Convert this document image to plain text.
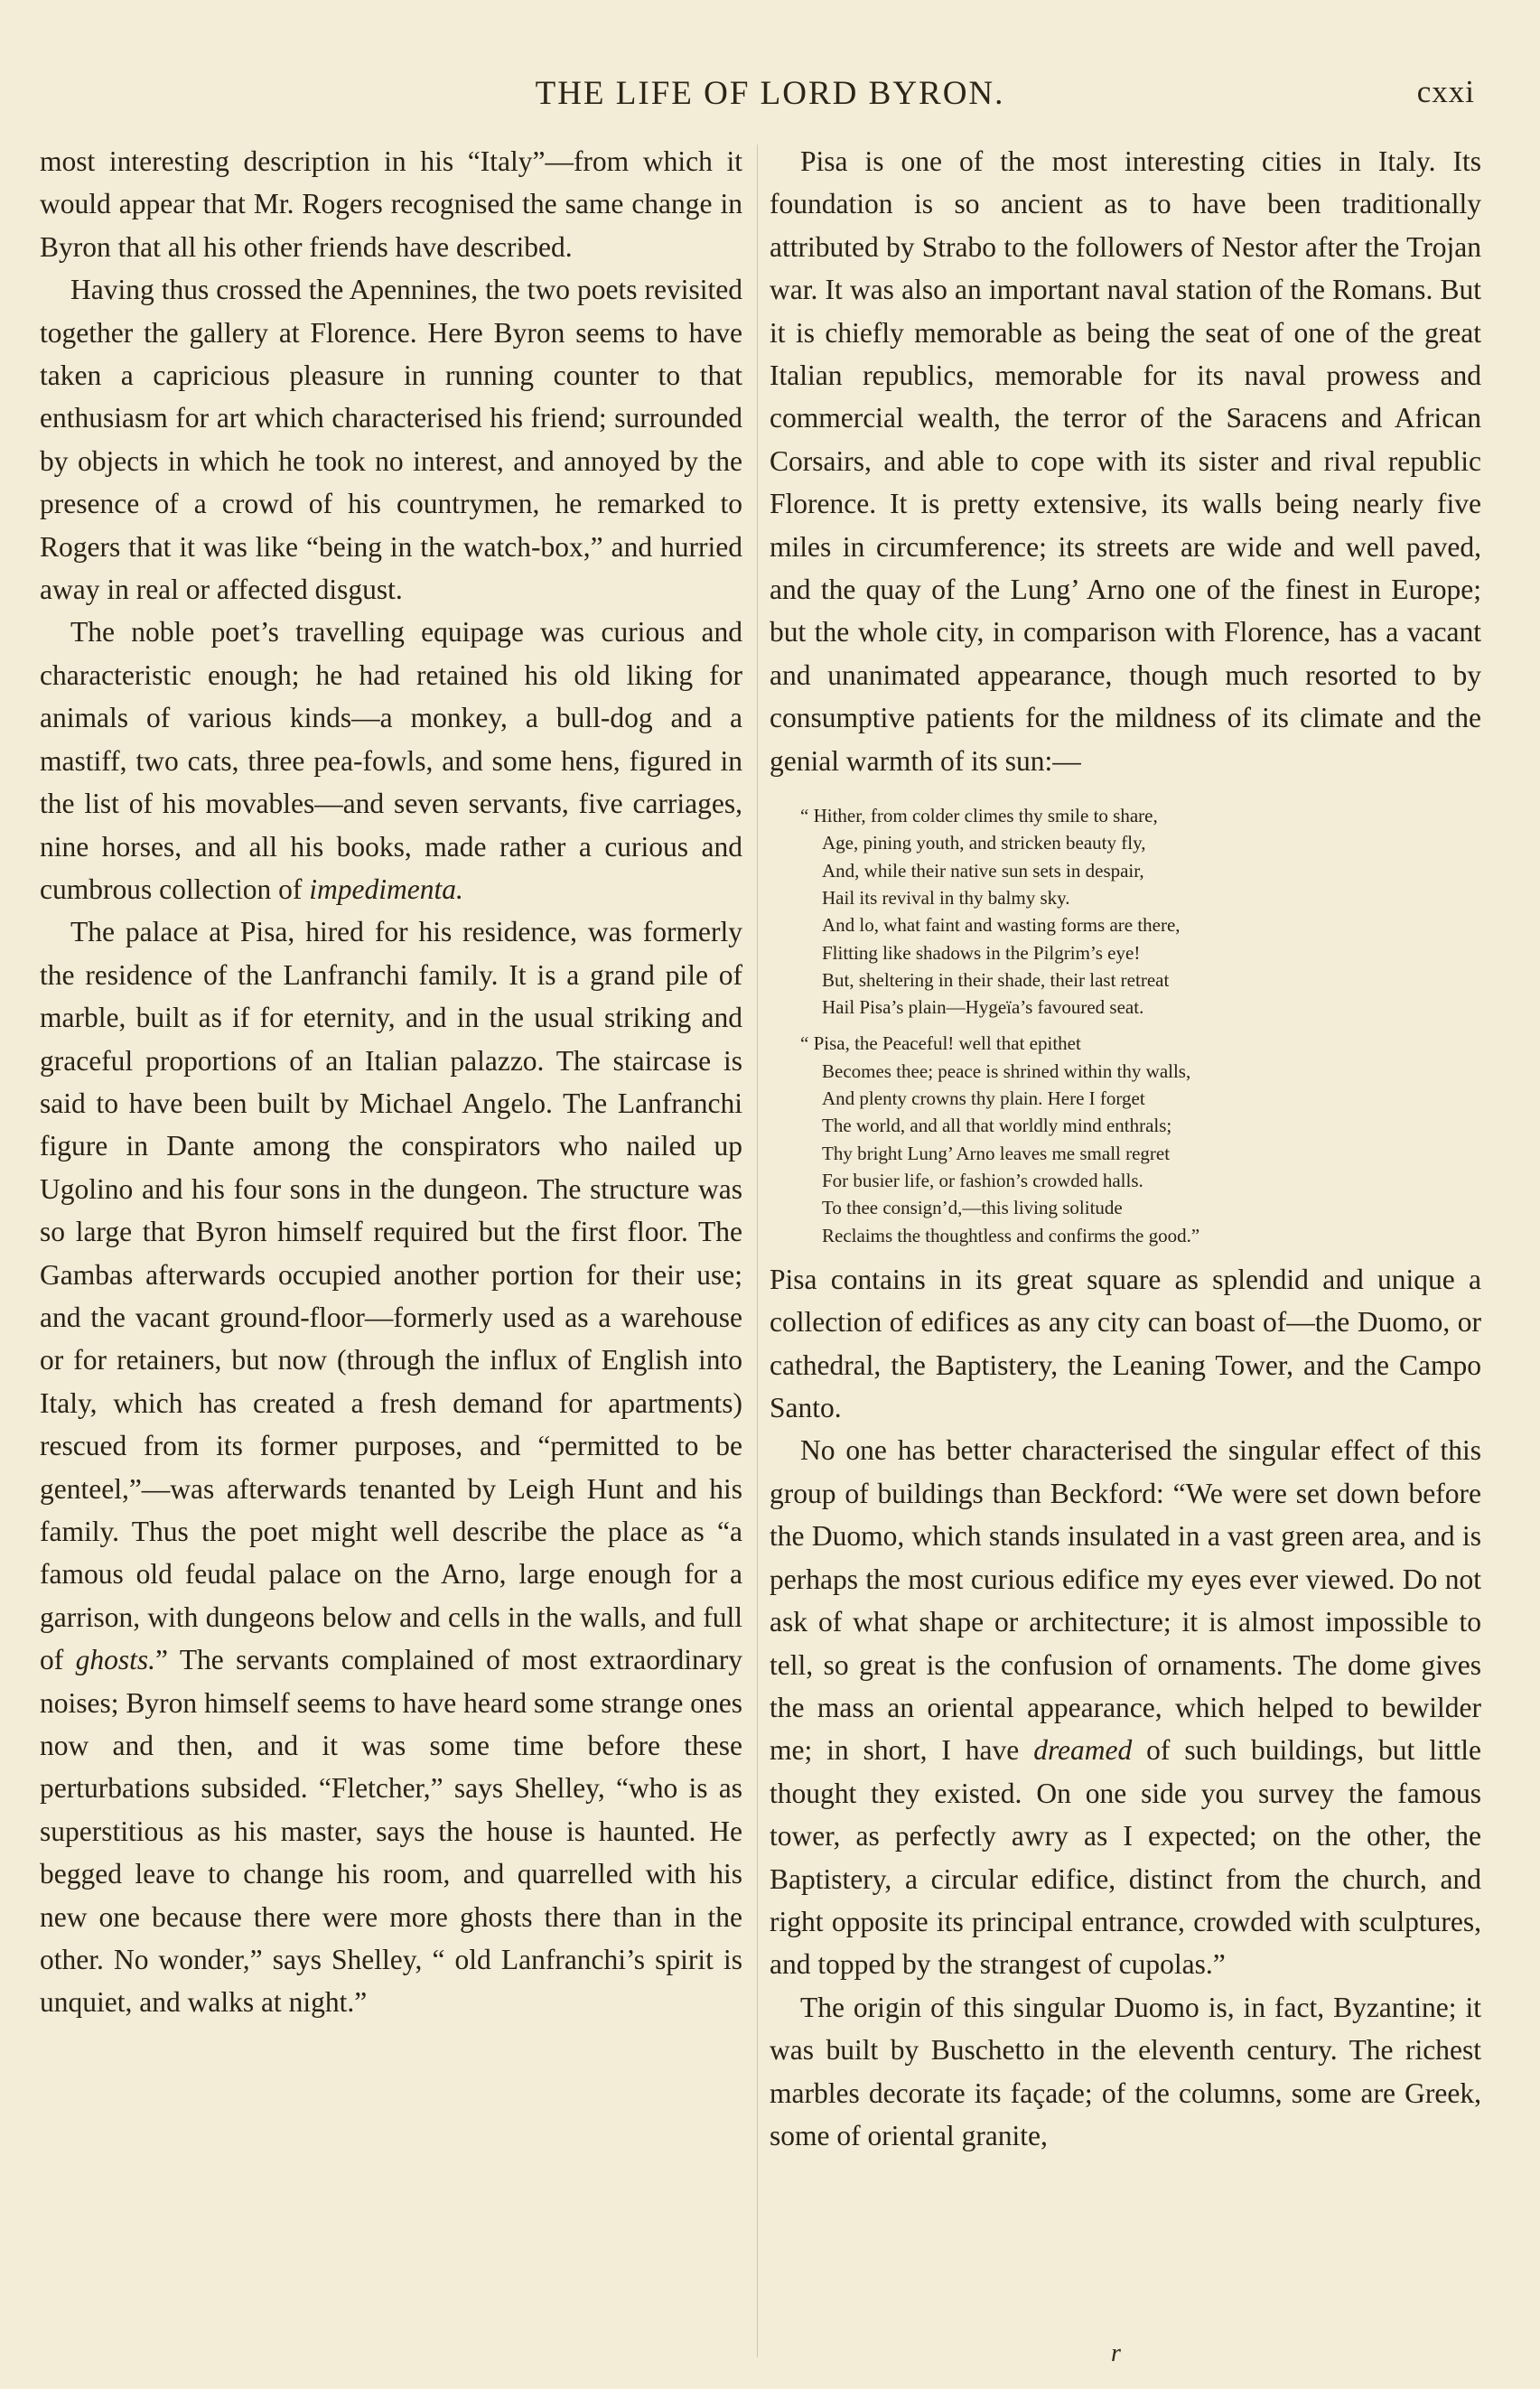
THE LIFE OF LORD BYRON.	cxxi

most interesting description in his “Italy”—from which it would appear that Mr. Rogers recognised the same change in Byron that all his other friends have described.

Having thus crossed the Apennines, the two poets revisited together the gallery at Florence. Here Byron seems to have taken a capricious pleasure in running counter to that enthusiasm for art which characterised his friend; surrounded by objects in which he took no interest, and annoyed by the presence of a crowd of his countrymen, he remarked to Rogers that it was like “being in the watch-box,” and hurried away in real or affected disgust.

The noble poet’s travelling equipage was curious and characteristic enough; he had retained his old liking for animals of various kinds—a monkey, a bull-dog and a mastiff, two cats, three pea-fowls, and some hens, figured in the list of his movables—and seven servants, five carriages, nine horses, and all his books, made rather a curious and cumbrous collection of impedimenta.

The palace at Pisa, hired for his residence, was formerly the residence of the Lanfranchi family. It is a grand pile of marble, built as if for eternity, and in the usual striking and graceful proportions of an Italian palazzo. The staircase is said to have been built by Michael Angelo. The Lanfranchi figure in Dante among the conspirators who nailed up Ugolino and his four sons in the dungeon. The structure was so large that Byron himself required but the first floor. The Gambas afterwards occupied another portion for their use; and the vacant ground-floor—formerly used as a warehouse or for retainers, but now (through the influx of English into Italy, which has created a fresh demand for apartments) rescued from its former purposes, and “permitted to be genteel,”—was afterwards tenanted by Leigh Hunt and his family. Thus the poet might well describe the place as “a famous old feudal palace on the Arno, large enough for a garrison, with dungeons below and cells in the walls, and full of ghosts.” The servants complained of most extraordinary noises; Byron himself seems to have heard some strange ones now and then, and it was some time before these perturbations subsided. “Fletcher,” says Shelley, “who is as superstitious as his master, says the house is haunted. He begged leave to change his room, and quarrelled with his new one because there were more ghosts there than in the other. No wonder,” says Shelley, “ old Lanfranchi’s spirit is unquiet, and walks at night.”

Pisa is one of the most interesting cities in Italy. Its foundation is so ancient as to have been traditionally attributed by Strabo to the followers of Nestor after the Trojan war. It was also an important naval station of the Romans. But it is chiefly memorable as being the seat of one of the great Italian republics, memorable for its naval prowess and commercial wealth, the terror of the Saracens and African Corsairs, and able to cope with its sister and rival republic Florence. It is pretty extensive, its walls being nearly five miles in circumference; its streets are wide and well paved, and the quay of the Lung’ Arno one of the finest in Europe; but the whole city, in comparison with Florence, has a vacant and unanimated appearance, though much resorted to by consumptive patients for the mildness of its climate and the genial warmth of its sun:—

“ Hither, from colder climes thy smile to share,
Age, pining youth, and stricken beauty fly,
And, while their native sun sets in despair,
Hail its revival in thy balmy sky.
And lo, what faint and wasting forms are there,
Flitting like shadows in the Pilgrim’s eye!
But, sheltering in their shade, their last retreat
Hail Pisa’s plain—Hygeïa’s favoured seat.
“ Pisa, the Peaceful! well that epithet
Becomes thee; peace is shrined within thy walls,
And plenty crowns thy plain. Here I forget
The world, and all that worldly mind enthrals;
Thy bright Lung’ Arno leaves me small regret
For busier life, or fashion’s crowded halls.
To thee consign’d,—this living solitude
Reclaims the thoughtless and confirms the good.”

Pisa contains in its great square as splendid and unique a collection of edifices as any city can boast of—the Duomo, or cathedral, the Baptistery, the Leaning Tower, and the Campo Santo.

No one has better characterised the singular effect of this group of buildings than Beckford: “We were set down before the Duomo, which stands insulated in a vast green area, and is perhaps the most curious edifice my eyes ever viewed. Do not ask of what shape or architecture; it is almost impossible to tell, so great is the confusion of ornaments. The dome gives the mass an oriental appearance, which helped to bewilder me; in short, I have dreamed of such buildings, but little thought they existed. On one side you survey the famous tower, as perfectly awry as I expected; on the other, the Baptistery, a circular edifice, distinct from the church, and right opposite its principal entrance, crowded with sculptures, and topped by the strangest of cupolas.”

The origin of this singular Duomo is, in fact, Byzantine; it was built by Buschetto in the eleventh century. The richest marbles decorate its façade; of the columns, some are Greek, some of oriental granite,

r
